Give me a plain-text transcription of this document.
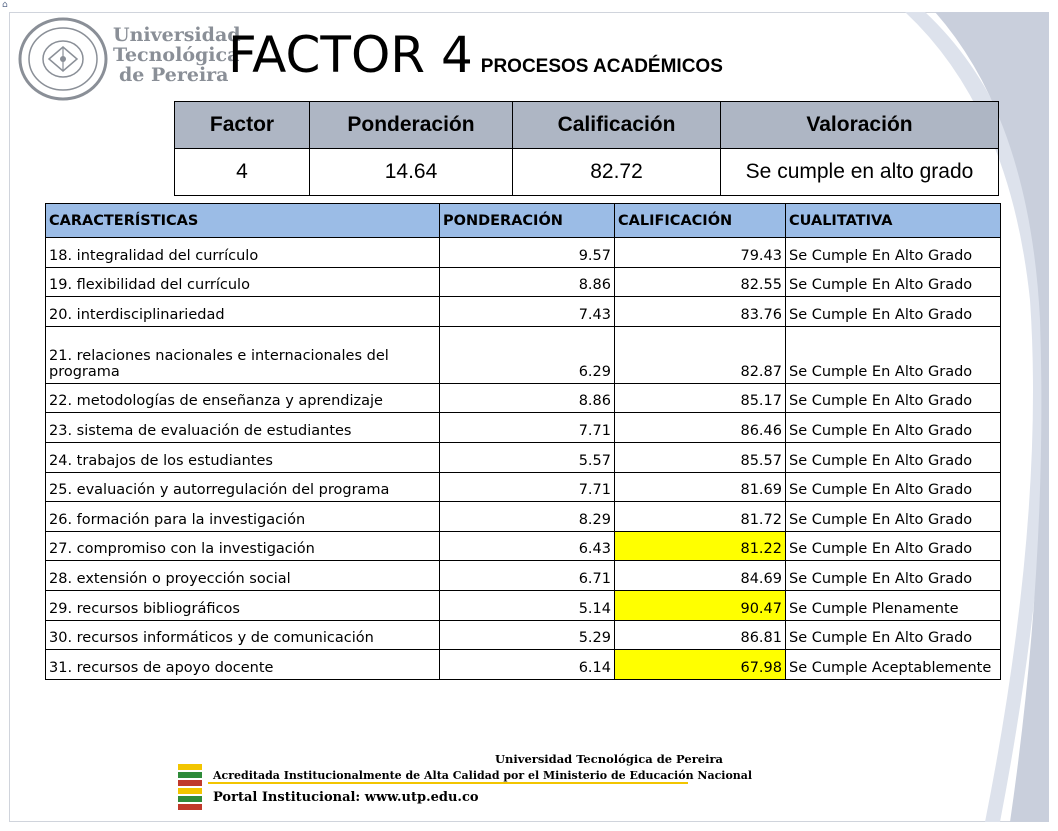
⌂
Universidad
Tecnológica
de Pereira FACTOR 4 PROCESOS ACADÉMICOS
Factor	Ponderación	Calificación	Valoración
4	14.64	82.72	Se cumple en alto grado
CARACTERÍSTICAS	PONDERACIÓN	CALIFICACIÓN	CUALITATIVA
18. integralidad del currículo	9.57	79.43	Se Cumple En Alto Grado
19. flexibilidad del currículo	8.86	82.55	Se Cumple En Alto Grado
20. interdisciplinariedad	7.43	83.76	Se Cumple En Alto Grado
21. relaciones nacionales e internacionales del programa	6.29	82.87	Se Cumple En Alto Grado
22. metodologías de enseñanza y aprendizaje	8.86	85.17	Se Cumple En Alto Grado
23. sistema de evaluación de estudiantes	7.71	86.46	Se Cumple En Alto Grado
24. trabajos de los estudiantes	5.57	85.57	Se Cumple En Alto Grado
25. evaluación y autorregulación del programa	7.71	81.69	Se Cumple En Alto Grado
26. formación para la investigación	8.29	81.72	Se Cumple En Alto Grado
27. compromiso con la investigación	6.43	81.22	Se Cumple En Alto Grado
28. extensión o proyección social	6.71	84.69	Se Cumple En Alto Grado
29. recursos bibliográficos	5.14	90.47	Se Cumple Plenamente
30. recursos informáticos y de comunicación	5.29	86.81	Se Cumple En Alto Grado
31. recursos de apoyo docente	6.14	67.98	Se Cumple Aceptablemente
Universidad Tecnológica de Pereira
Acreditada Institucionalmente de Alta Calidad por el Ministerio de Educación Nacional
Portal Institucional: www.utp.edu.co
